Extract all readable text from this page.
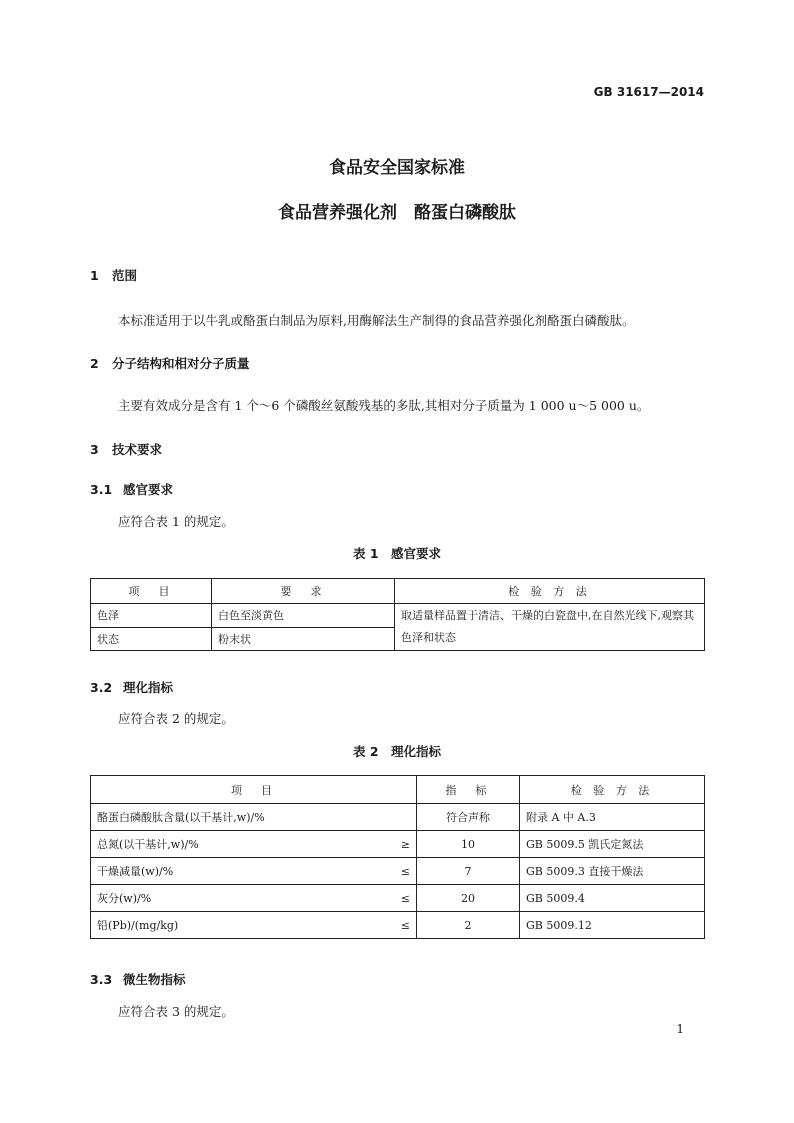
GB 31617—2014
食品安全国家标准
食品营养强化剂　酪蛋白磷酸肽
1 范围
本标准适用于以牛乳或酪蛋白制品为原料,用酶解法生产制得的食品营养强化剂酪蛋白磷酸肽。
2 分子结构和相对分子质量
主要有效成分是含有 1 个～6 个磷酸丝氨酸残基的多肽,其相对分子质量为 1 000 u～5 000 u。
3 技术要求
3.1 感官要求
应符合表 1 的规定。
表 1　感官要求
项　目	要　求	检 验 方 法
色泽	白色至淡黄色	取适量样品置于清洁、干燥的白瓷盘中,在自然光线下,观察其色泽和状态
状态	粉末状	
3.2 理化指标
应符合表 2 的规定。
表 2　理化指标
项　目	指　标	检 验 方 法

酪蛋白磷酸肽含量(以干基计,w)/%	符合声称	附录 A 中 A.3

总氮(以干基计,w)/% ≥	10	GB 5009.5 凯氏定氮法

干燥减量(w)/% ≤	7	GB 5009.3 直接干燥法

灰分(w)/% ≤	20	GB 5009.4

铅(Pb)/(mg/kg) ≤	2	GB 5009.12
3.3 微生物指标
应符合表 3 的规定。
1
